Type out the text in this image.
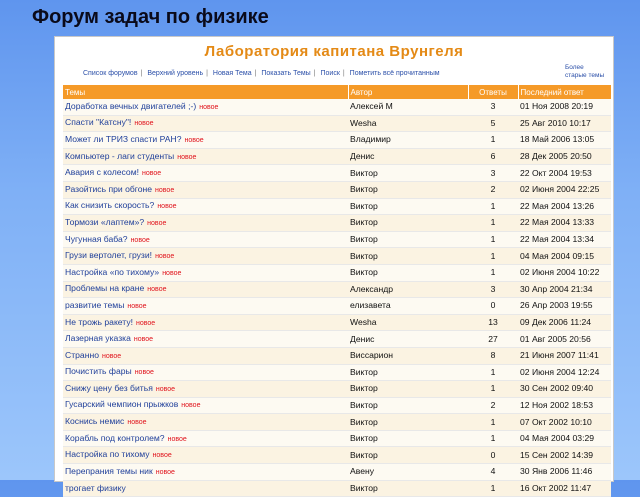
Форум задач по физике
Лаборатория капитана Врунгеля
Список форумов | Верхний уровень | Новая Тема | Показать Темы | Поиск | Пометить всё прочитанным
Более старые темы
Темы	Автор	Ответы	Последний ответ
Доработка вечных двигателей ;-) новое	Алексей М	3	01 Ноя 2008 20:19
Спасти "Катсну"! новое	Wesha	5	25 Авг 2010 10:17
Может ли ТРИЗ спасти РАН? новое	Владимир	1	18 Май 2006 13:05
Компьютер - лаги студенты новое	Денис	6	28 Дек 2005 20:50
Авария с колесом! новое	Виктор	3	22 Окт 2004 19:53
Разойтись при обгоне новое	Виктор	2	02 Июня 2004 22:25
Как снизить скорость? новое	Виктор	1	22 Мая 2004 13:26
Тормози «лаптем»? новое	Виктор	1	22 Мая 2004 13:33
Чугунная баба? новое	Виктор	1	22 Мая 2004 13:34
Грузи вертолет, грузи! новое	Виктор	1	04 Мая 2004 09:15
Настройка «по тихому» новое	Виктор	1	02 Июня 2004 10:22
Проблемы на кране новое	Александр	3	30 Апр 2004 21:34
развитие темы новое	елизавета	0	26 Апр 2003 19:55
Не трожь ракету! новое	Wesha	13	09 Дек 2006 11:24
Лазерная указка новое	Денис	27	01 Авг 2005 20:56
Странно новое	Виссарион	8	21 Июня 2007 11:41
Почистить фары новое	Виктор	1	02 Июня 2004 12:24
Снижу цену без битья новое	Виктор	1	30 Сен 2002 09:40
Гусарский чемпион прыжков новое	Виктор	2	12 Ноя 2002 18:53
Коснись немис новое	Виктор	1	07 Окт 2002 10:10
Корабль под контролем? новое	Виктор	1	04 Мая 2004 03:29
Настройка по тихому новое	Виктор	0	15 Сен 2002 14:39
Перепрания темы ник новое	Авену	4	30 Янв 2006 11:46
трогает физику	Виктор	1	16 Окт 2002 11:47
